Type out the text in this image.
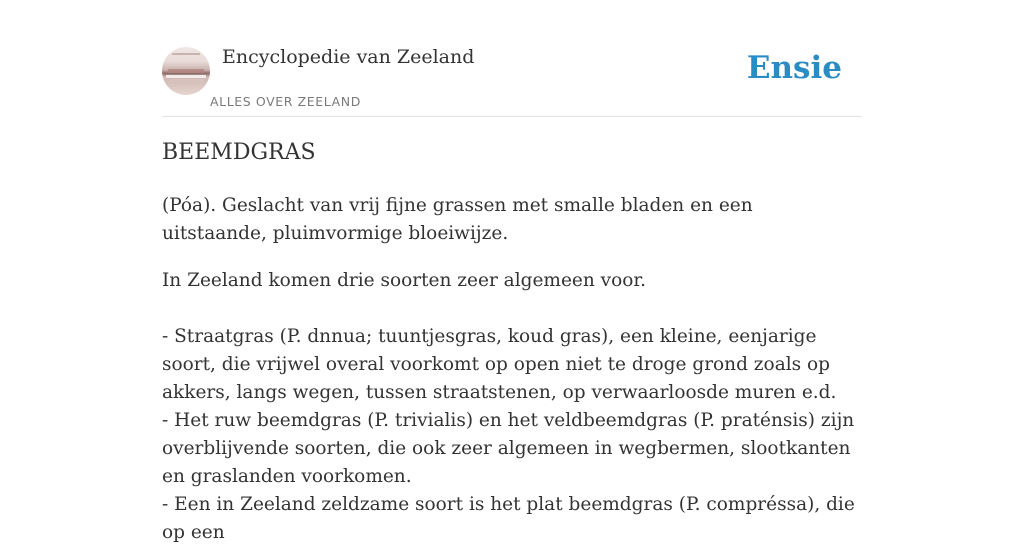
Encyclopedie van Zeeland
ALLES OVER ZEELAND
Ensie
BEEMDGRAS

(Póa). Geslacht van vrij fijne grassen met smalle bladen en een uitstaande, pluimvormige bloeiwijze.

In Zeeland komen drie soorten zeer algemeen voor.

- Straatgras (P. dnnua; tuuntjesgras, koud gras), een kleine, eenjarige soort, die vrijwel overal voorkomt op open niet te droge grond zoals op akkers, langs wegen, tussen straatstenen, op verwaarloosde muren e.d.

- Het ruw beemdgras (P. trivialis) en het veldbeemdgras (P. praténsis) zijn overblijvende soorten, die ook zeer algemeen in wegbermen, slootkanten en graslanden voorkomen.

- Een in Zeeland zeldzame soort is het plat beemdgras (P. compréssa), die op een
